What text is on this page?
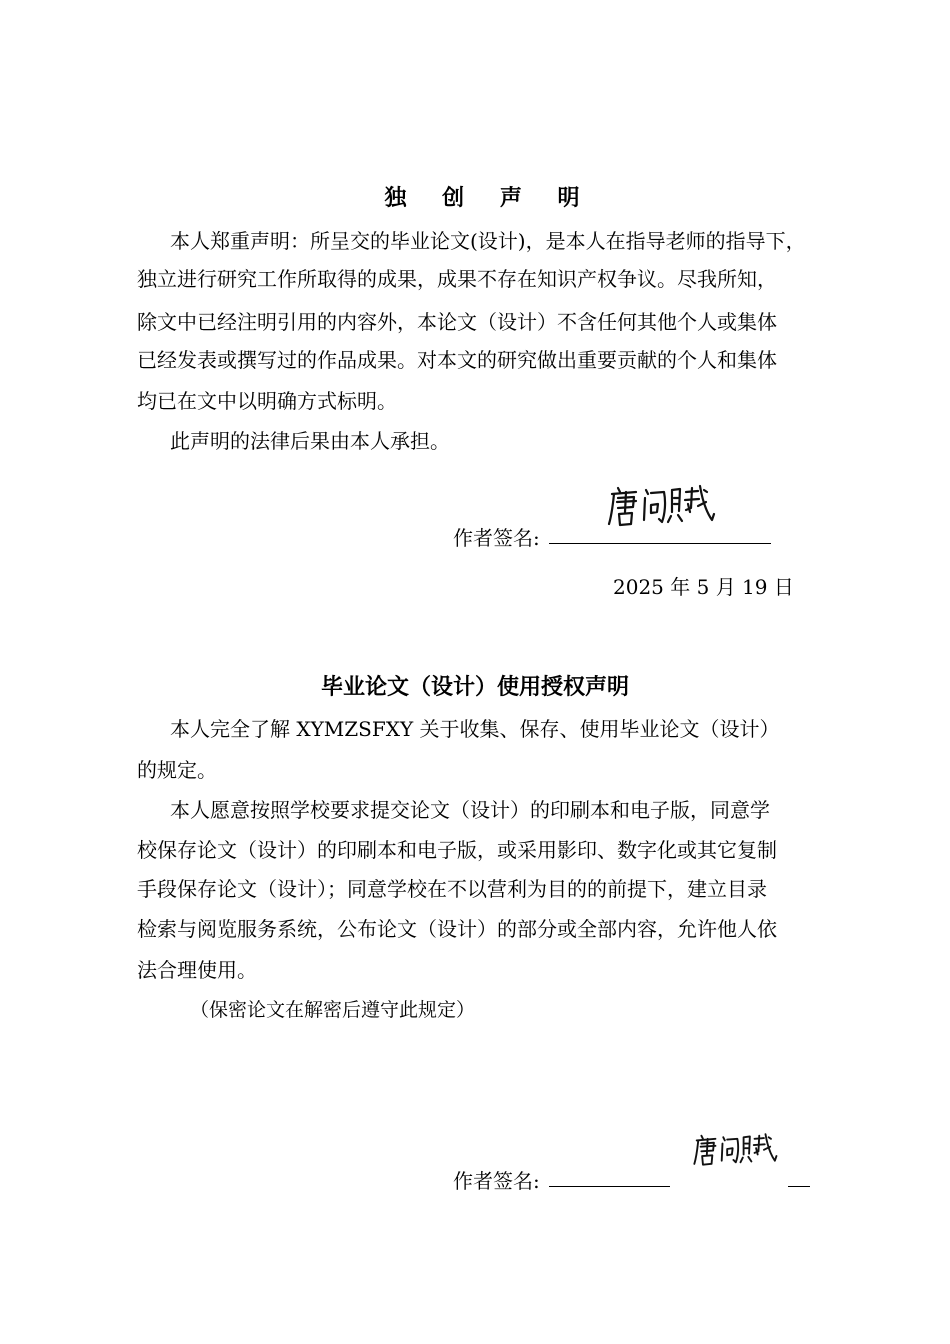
独 创 声 明
本人郑重声明：所呈交的毕业论文(设计)，是本人在指导老师的指导下，
独立进行研究工作所取得的成果，成果不存在知识产权争议。尽我所知，
除文中已经注明引用的内容外，本论文（设计）不含任何其他个人或集体
已经发表或撰写过的作品成果。对本文的研究做出重要贡献的个人和集体
均已在文中以明确方式标明。
此声明的法律后果由本人承担。
作者签名:
2025 年 5 月 19 日
毕业论文（设计）使用授权声明
本人完全了解 XYMZSFXY 关于收集、保存、使用毕业论文（设计）
的规定。
本人愿意按照学校要求提交论文（设计）的印刷本和电子版，同意学
校保存论文（设计）的印刷本和电子版，或采用影印、数字化或其它复制
手段保存论文（设计）；同意学校在不以营利为目的的前提下，建立目录
检索与阅览服务系统，公布论文（设计）的部分或全部内容，允许他人依
法合理使用。
（保密论文在解密后遵守此规定）
作者签名:
